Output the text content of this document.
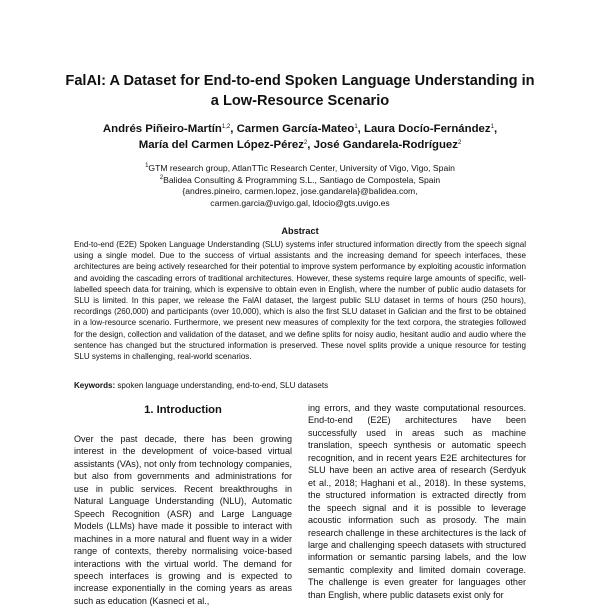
FalAI: A Dataset for End-to-end Spoken Language Understanding in
a Low-Resource Scenario
Andrés Piñeiro-Martín$^{1,2}$, Carmen García-Mateo$^1$, Laura Docío-Fernández$^1$,
María del Carmen López-Pérez$^2$, José Gandarela-Rodríguez$^2$
$^1$GTM research group, AtlanTTic Research Center, University of Vigo, Vigo, Spain
$^2$Balidea Consulting & Programming S.L., Santiago de Compostela, Spain
{andres.pineiro, carmen.lopez, jose.gandarela}@balidea.com,
carmen.garcia@uvigo.gal, ldocio@gts.uvigo.es
Abstract
End-to-end (E2E) Spoken Language Understanding (SLU) systems infer structured information directly from the speech signal using a single model. Due to the success of virtual assistants and the increasing demand for speech interfaces, these architectures are being actively researched for their potential to improve system performance by exploiting acoustic information and avoiding the cascading errors of traditional architectures. However, these systems require large amounts of specific, well-labelled speech data for training, which is expensive to obtain even in English, where the number of public audio datasets for SLU is limited. In this paper, we release the FalAI dataset, the largest public SLU dataset in terms of hours (250 hours), recordings (260,000) and participants (over 10,000), which is also the first SLU dataset in Galician and the first to be obtained in a low-resource scenario. Furthermore, we present new measures of complexity for the text corpora, the strategies followed for the design, collection and validation of the dataset, and we define splits for noisy audio, hesitant audio and audio where the sentence has changed but the structured information is preserved. These novel splits provide a unique resource for testing SLU systems in challenging, real-world scenarios.
Keywords: spoken language understanding, end-to-end, SLU datasets
1. Introduction

Over the past decade, there has been growing interest in the development of voice-based virtual assistants (VAs), not only from technology companies, but also from governments and administrations for use in public services. Recent breakthroughs in Natural Language Understanding (NLU), Automatic Speech Recognition (ASR) and Large Language Models (LLMs) have made it possible to interact with machines in a more natural and fluent way in a wider range of contexts, thereby normalising voice-based interactions with the virtual world. The demand for speech interfaces is growing and is expected to increase exponentially in the coming years as areas such as education (Kasneci et al.,

ing errors, and they waste computational resources. End-to-end (E2E) architectures have been successfully used in areas such as machine translation, speech synthesis or automatic speech recognition, and in recent years E2E architectures for SLU have been an active area of research (Serdyuk et al., 2018; Haghani et al., 2018). In these systems, the structured information is extracted directly from the speech signal and it is possible to leverage acoustic information such as prosody. The main research challenge in these architectures is the lack of large and challenging speech datasets with structured information or semantic parsing labels, and the low semantic complexity and limited domain coverage. The challenge is even greater for languages other than English, where public datasets exist only for
